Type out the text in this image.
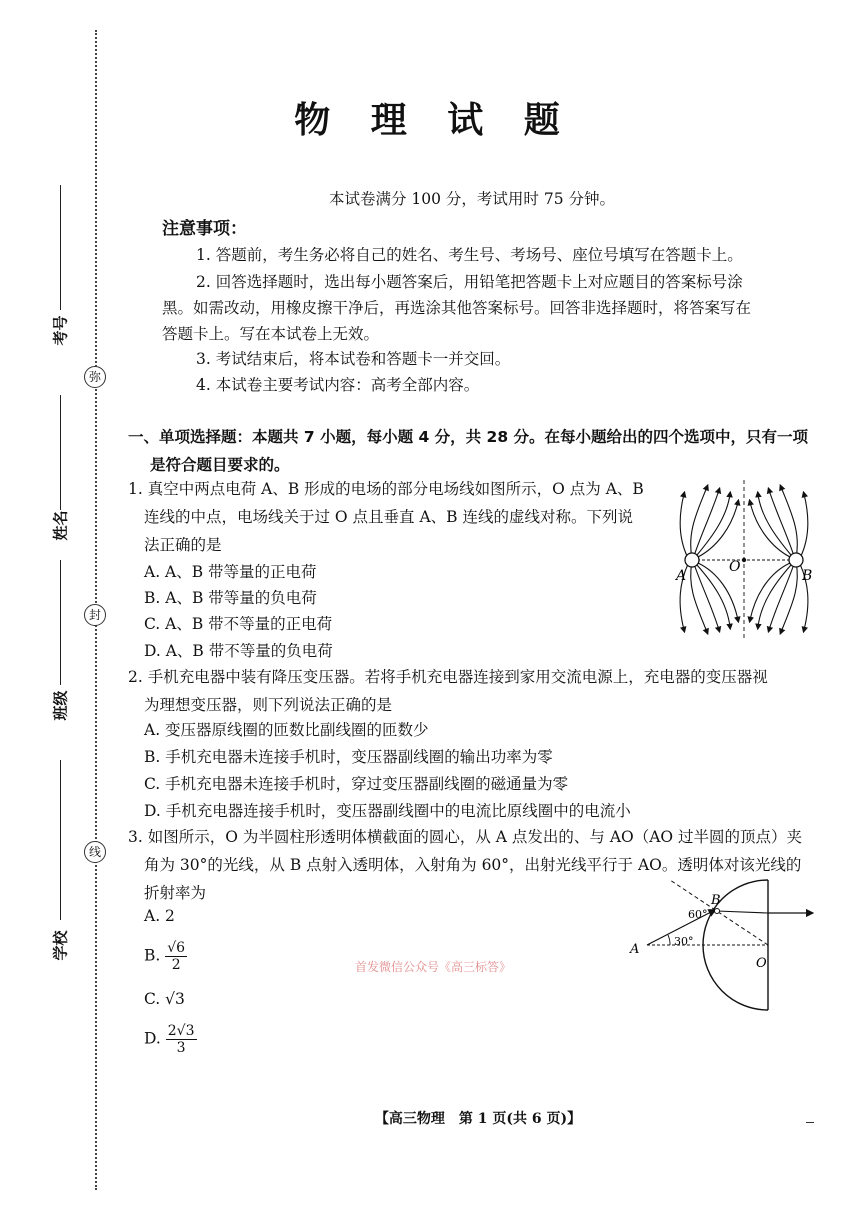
考号
姓名
班级
学校
弥
封
线
物 理 试 题
本试卷满分 100 分，考试用时 75 分钟。
注意事项：
1. 答题前，考生务必将自己的姓名、考生号、考场号、座位号填写在答题卡上。
2. 回答选择题时，选出每小题答案后，用铅笔把答题卡上对应题目的答案标号涂
黑。如需改动，用橡皮擦干净后，再选涂其他答案标号。回答非选择题时，将答案写在
答题卡上。写在本试卷上无效。
3. 考试结束后，将本试卷和答题卡一并交回。
4. 本试卷主要考试内容：高考全部内容。
一、单项选择题：本题共 7 小题，每小题 4 分，共 28 分。在每小题给出的四个选项中，只有一项
是符合题目要求的。
1. 真空中两点电荷 A、B 形成的电场的部分电场线如图所示，O 点为 A、B
连线的中点，电场线关于过 O 点且垂直 A、B 连线的虚线对称。下列说
法正确的是
A. A、B 带等量的正电荷
B. A、B 带等量的负电荷
C. A、B 带不等量的正电荷
D. A、B 带不等量的负电荷
A
O
B
2. 手机充电器中装有降压变压器。若将手机充电器连接到家用交流电源上，充电器的变压器视
为理想变压器，则下列说法正确的是
A. 变压器原线圈的匝数比副线圈的匝数少
B. 手机充电器未连接手机时，变压器副线圈的输出功率为零
C. 手机充电器未连接手机时，穿过变压器副线圈的磁通量为零
D. 手机充电器连接手机时，变压器副线圈中的电流比原线圈中的电流小
3. 如图所示，O 为半圆柱形透明体横截面的圆心，从 A 点发出的、与 AO（AO 过半圆的顶点）夹
角为 30°的光线，从 B 点射入透明体，入射角为 60°，出射光线平行于 AO。透明体对该光线的
折射率为
A. 2
B. $\frac{√6}{2}$
C. √3
D. $\frac{2√3}{3}$
B
60°
A
30°
O
首发微信公众号《高三标答》
【高三物理　第 1 页(共 6 页)】
